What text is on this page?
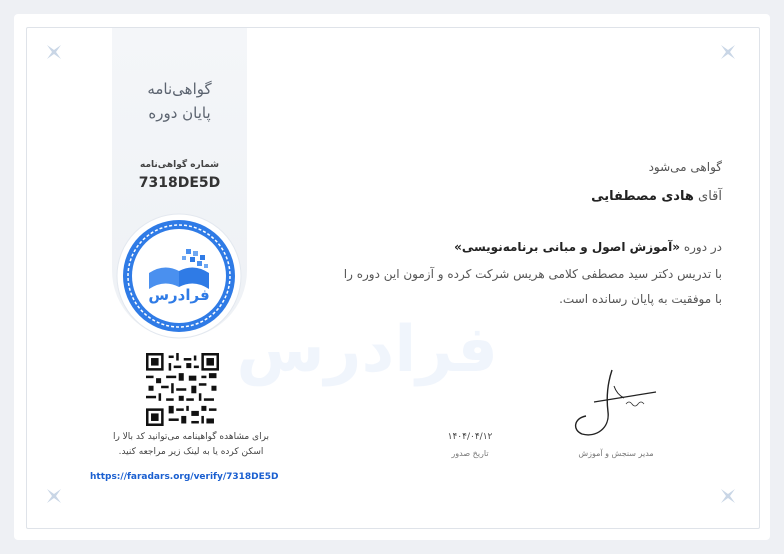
فرادرس
گواهی‌نامه
پایان دوره
شماره گواهی‌نامه
7318DE5D
فرادرس
برای مشاهده گواهینامه می‌توانید کد بالا را
اسکن کرده یا به لینک زیر مراجعه کنید.
https://faradars.org/verify/7318DE5D
گواهی می‌شود
آقای هادی مصطفایی
در دوره «آموزش اصول و مبانی برنامه‌نویسی»
با تدریس دکتر سید مصطفی کلامی هریس شرکت کرده و آزمون این دوره را
با موفقیت به پایان رسانده است.
۱۴۰۴/۰۴/۱۲
تاریخ صدور	مدیر سنجش و آموزش
